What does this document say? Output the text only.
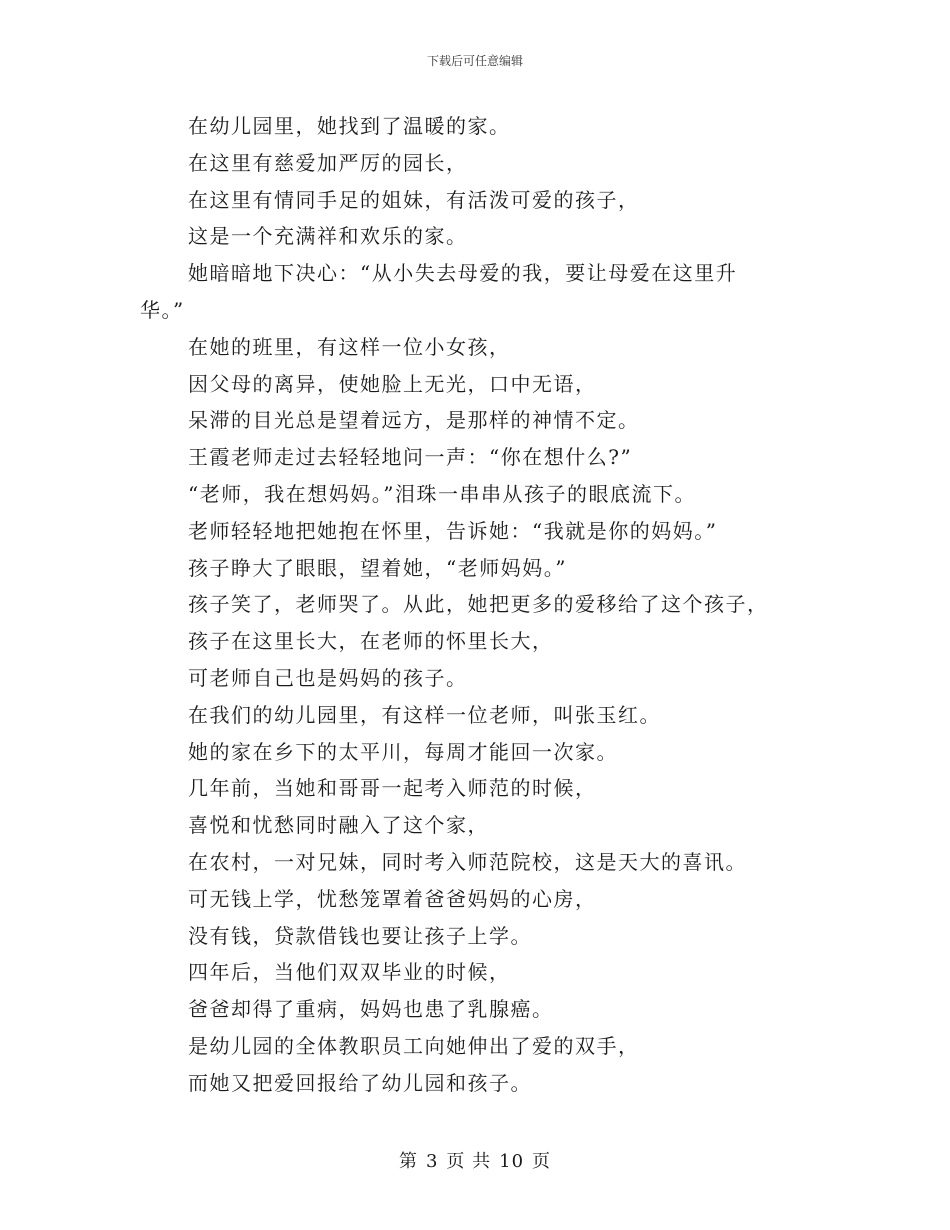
下载后可任意编辑
在幼儿园里，她找到了温暖的家。
在这里有慈爱加严厉的园长，
在这里有情同手足的姐妹，有活泼可爱的孩子，
这是一个充满祥和欢乐的家。
她暗暗地下决心：“从小失去母爱的我，要让母爱在这里升
华。”
在她的班里，有这样一位小女孩，
因父母的离异，使她脸上无光，口中无语，
呆滞的目光总是望着远方，是那样的神情不定。
王霞老师走过去轻轻地问一声：“你在想什么?”
“老师，我在想妈妈。”泪珠一串串从孩子的眼底流下。
老师轻轻地把她抱在怀里，告诉她：“我就是你的妈妈。”
孩子睁大了眼眼，望着她，“老师妈妈。”
孩子笑了，老师哭了。从此，她把更多的爱移给了这个孩子，
孩子在这里长大，在老师的怀里长大，
可老师自己也是妈妈的孩子。
在我们的幼儿园里，有这样一位老师，叫张玉红。
她的家在乡下的太平川，每周才能回一次家。
几年前，当她和哥哥一起考入师范的时候，
喜悦和忧愁同时融入了这个家，
在农村，一对兄妹，同时考入师范院校，这是天大的喜讯。
可无钱上学，忧愁笼罩着爸爸妈妈的心房，
没有钱，贷款借钱也要让孩子上学。
四年后，当他们双双毕业的时候，
爸爸却得了重病，妈妈也患了乳腺癌。
是幼儿园的全体教职员工向她伸出了爱的双手，
而她又把爱回报给了幼儿园和孩子。
第 3 页 共 10 页
